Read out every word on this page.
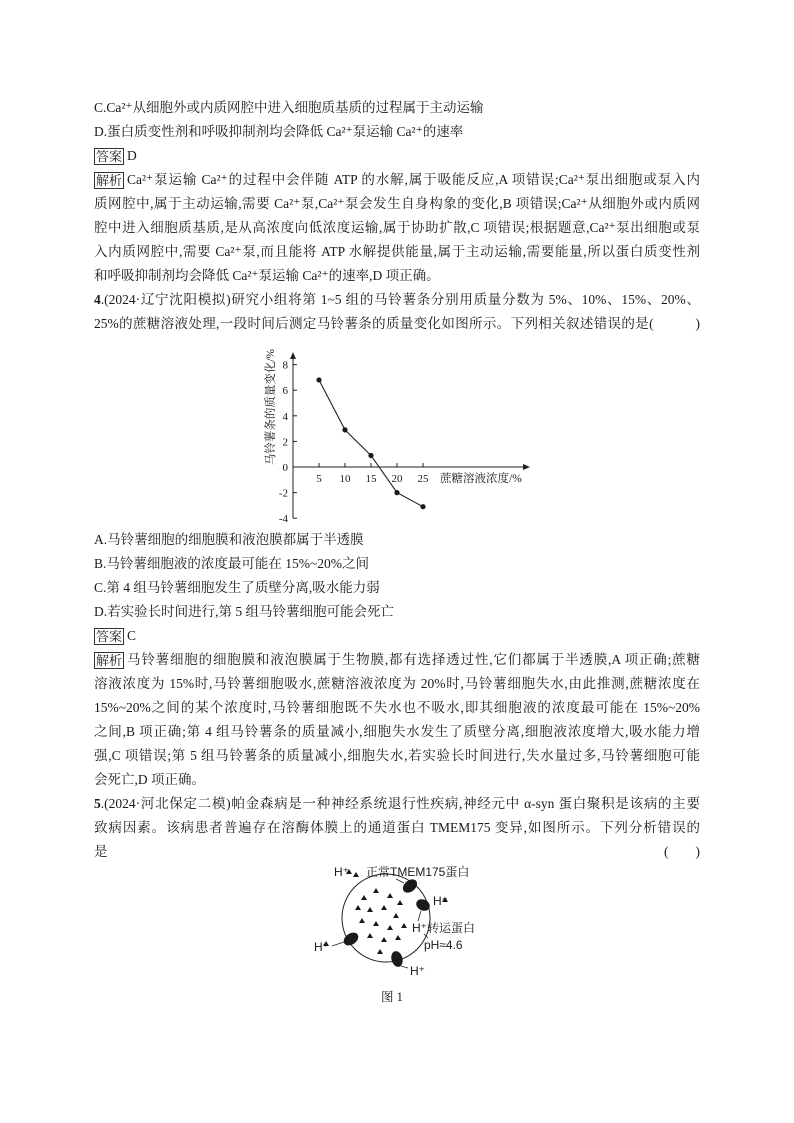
C.Ca²⁺从细胞外或内质网腔中进入细胞质基质的过程属于主动运输
D.蛋白质变性剂和呼吸抑制剂均会降低 Ca²⁺泵运输 Ca²⁺的速率
答案 D
解析 Ca²⁺泵运输 Ca²⁺的过程中会伴随 ATP 的水解,属于吸能反应,A 项错误;Ca²⁺泵出细胞或泵入内
质网腔中,属于主动运输,需要 Ca²⁺泵,Ca²⁺泵会发生自身构象的变化,B 项错误;Ca²⁺从细胞外或内质网
腔中进入细胞质基质,是从高浓度向低浓度运输,属于协助扩散,C 项错误;根据题意,Ca²⁺泵出细胞或泵
入内质网腔中,需要 Ca²⁺泵,而且能将 ATP 水解提供能量,属于主动运输,需要能量,所以蛋白质变性剂
和呼吸抑制剂均会降低 Ca²⁺泵运输 Ca²⁺的速率,D 项正确。
4.(2024·辽宁沈阳模拟)研究小组将第 1~5 组的马铃薯条分别用质量分数为 5%、10%、15%、20%、
25%的蔗糖溶液处理,一段时间后测定马铃薯条的质量变化如图所示。下列相关叙述错误的是(　　　)
马铃薯条的质量变化/%
蔗糖溶液浓度/%
-4
-2
0
2
4
6
8
5 10 15 20 25
A.马铃薯细胞的细胞膜和液泡膜都属于半透膜
B.马铃薯细胞液的浓度最可能在 15%~20%之间
C.第 4 组马铃薯细胞发生了质壁分离,吸水能力弱
D.若实验长时间进行,第 5 组马铃薯细胞可能会死亡
答案 C
解析 马铃薯细胞的细胞膜和液泡膜属于生物膜,都有选择透过性,它们都属于半透膜,A 项正确;蔗糖
溶液浓度为 15%时,马铃薯细胞吸水,蔗糖溶液浓度为 20%时,马铃薯细胞失水,由此推测,蔗糖浓度在
15%~20%之间的某个浓度时,马铃薯细胞既不失水也不吸水,即其细胞液的浓度最可能在 15%~20%
之间,B 项正确;第 4 组马铃薯条的质量减小,细胞失水发生了质壁分离,细胞液浓度增大,吸水能力增
强,C 项错误;第 5 组马铃薯条的质量减小,细胞失水,若实验长时间进行,失水量过多,马铃薯细胞可能
会死亡,D 项正确。
5.(2024·河北保定二模)帕金森病是一种神经系统退行性疾病,神经元中 α-syn 蛋白聚积是该病的主要
致病因素。该病患者普遍存在溶酶体膜上的通道蛋白 TMEM175 变异,如图所示。下列分析错误的
是	(　　)
H⁺ 正常TMEM175蛋白
H⁺
H⁺转运蛋白
H⁺	pH≈4.6
H⁺
图 1
